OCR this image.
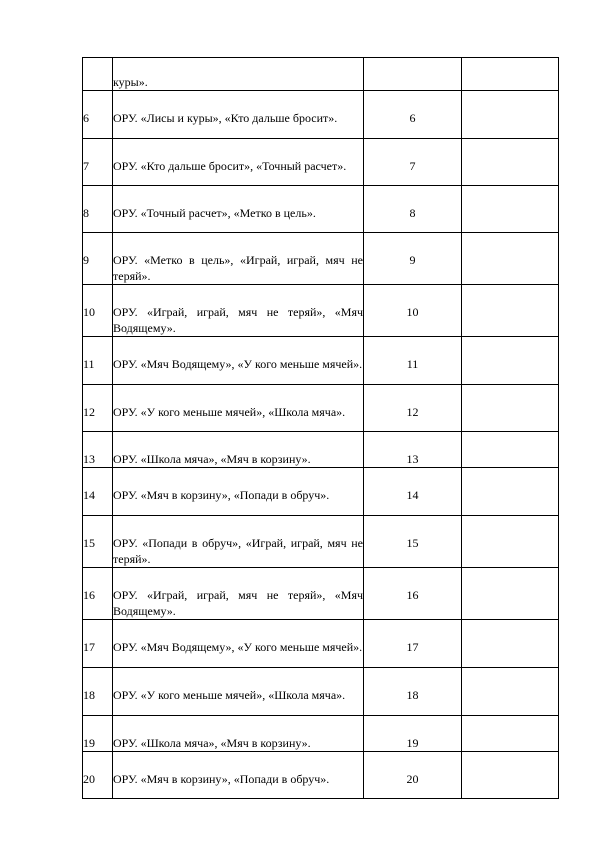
	куры».		

6	ОРУ. «Лисы и куры», «Кто дальше бросит».	6	

7	ОРУ. «Кто дальше бросит», «Точный расчет».	7	

8	ОРУ. «Точный расчет», «Метко в цель».	8	

9	ОРУ. «Метко в цель», «Играй, играй, мяч не теряй».	9	

10	ОРУ. «Играй, играй, мяч не теряй», «Мяч Водящему».	10	

11	ОРУ. «Мяч Водящему», «У кого меньше мячей».	11	

12	ОРУ. «У кого меньше мячей», «Школа мяча».	12	

13	ОРУ. «Школа мяча», «Мяч в корзину».	13	

14	ОРУ. «Мяч в корзину», «Попади в обруч».	14	

15	ОРУ. «Попади в обруч», «Играй, играй, мяч не теряй».	15	

16	ОРУ. «Играй, играй, мяч не теряй», «Мяч Водящему».	16	

17	ОРУ. «Мяч Водящему», «У кого меньше мячей».	17	

18	ОРУ. «У кого меньше мячей», «Школа мяча».	18	

19	ОРУ. «Школа мяча», «Мяч в корзину».	19	

20	ОРУ. «Мяч в корзину», «Попади в обруч».	20	
